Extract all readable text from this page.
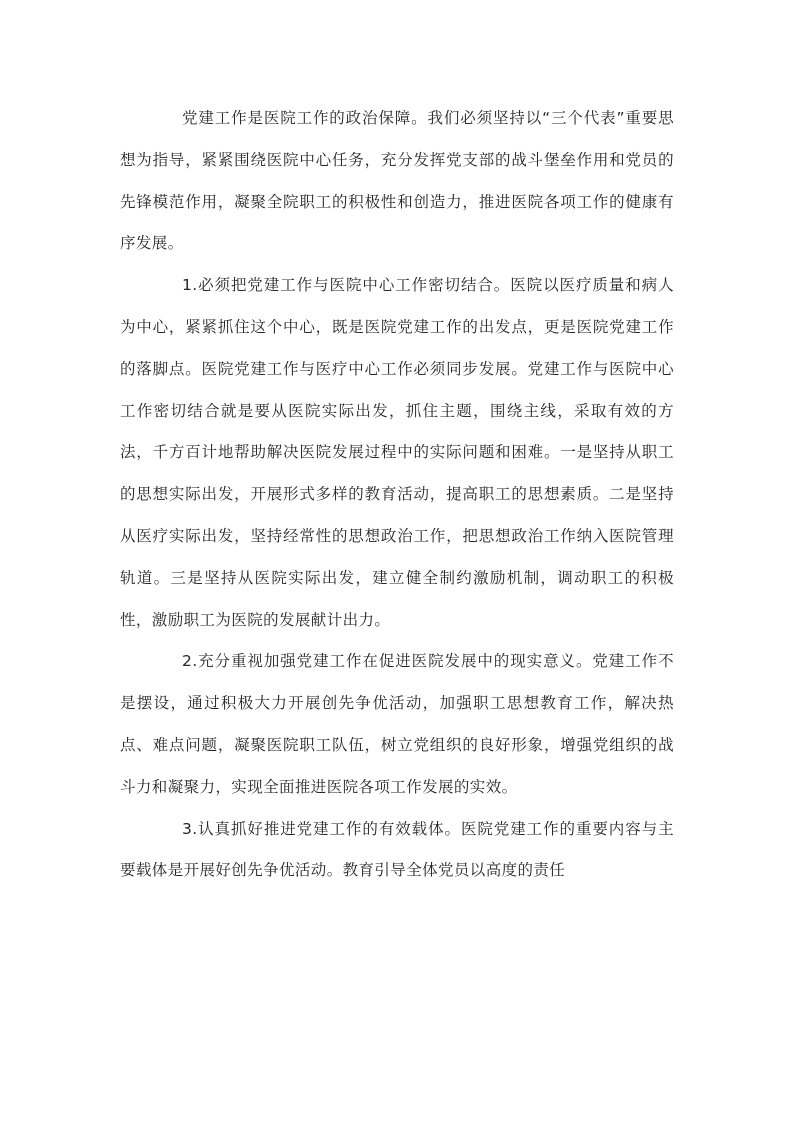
党建工作是医院工作的政治保障。我们必须坚持以“三个代表”重要思想为指导，紧紧围绕医院中心任务，充分发挥党支部的战斗堡垒作用和党员的先锋模范作用，凝聚全院职工的积极性和创造力，推进医院各项工作的健康有序发展。

1.必须把党建工作与医院中心工作密切结合。医院以医疗质量和病人为中心，紧紧抓住这个中心，既是医院党建工作的出发点，更是医院党建工作的落脚点。医院党建工作与医疗中心工作必须同步发展。党建工作与医院中心工作密切结合就是要从医院实际出发，抓住主题，围绕主线，采取有效的方法，千方百计地帮助解决医院发展过程中的实际问题和困难。一是坚持从职工的思想实际出发，开展形式多样的教育活动，提高职工的思想素质。二是坚持从医疗实际出发，坚持经常性的思想政治工作，把思想政治工作纳入医院管理轨道。三是坚持从医院实际出发，建立健全制约激励机制，调动职工的积极性，激励职工为医院的发展献计出力。

2.充分重视加强党建工作在促进医院发展中的现实意义。党建工作不是摆设，通过积极大力开展创先争优活动，加强职工思想教育工作，解决热点、难点问题，凝聚医院职工队伍，树立党组织的良好形象，增强党组织的战斗力和凝聚力，实现全面推进医院各项工作发展的实效。

3.认真抓好推进党建工作的有效载体。医院党建工作的重要内容与主要载体是开展好创先争优活动。教育引导全体党员以高度的责任
